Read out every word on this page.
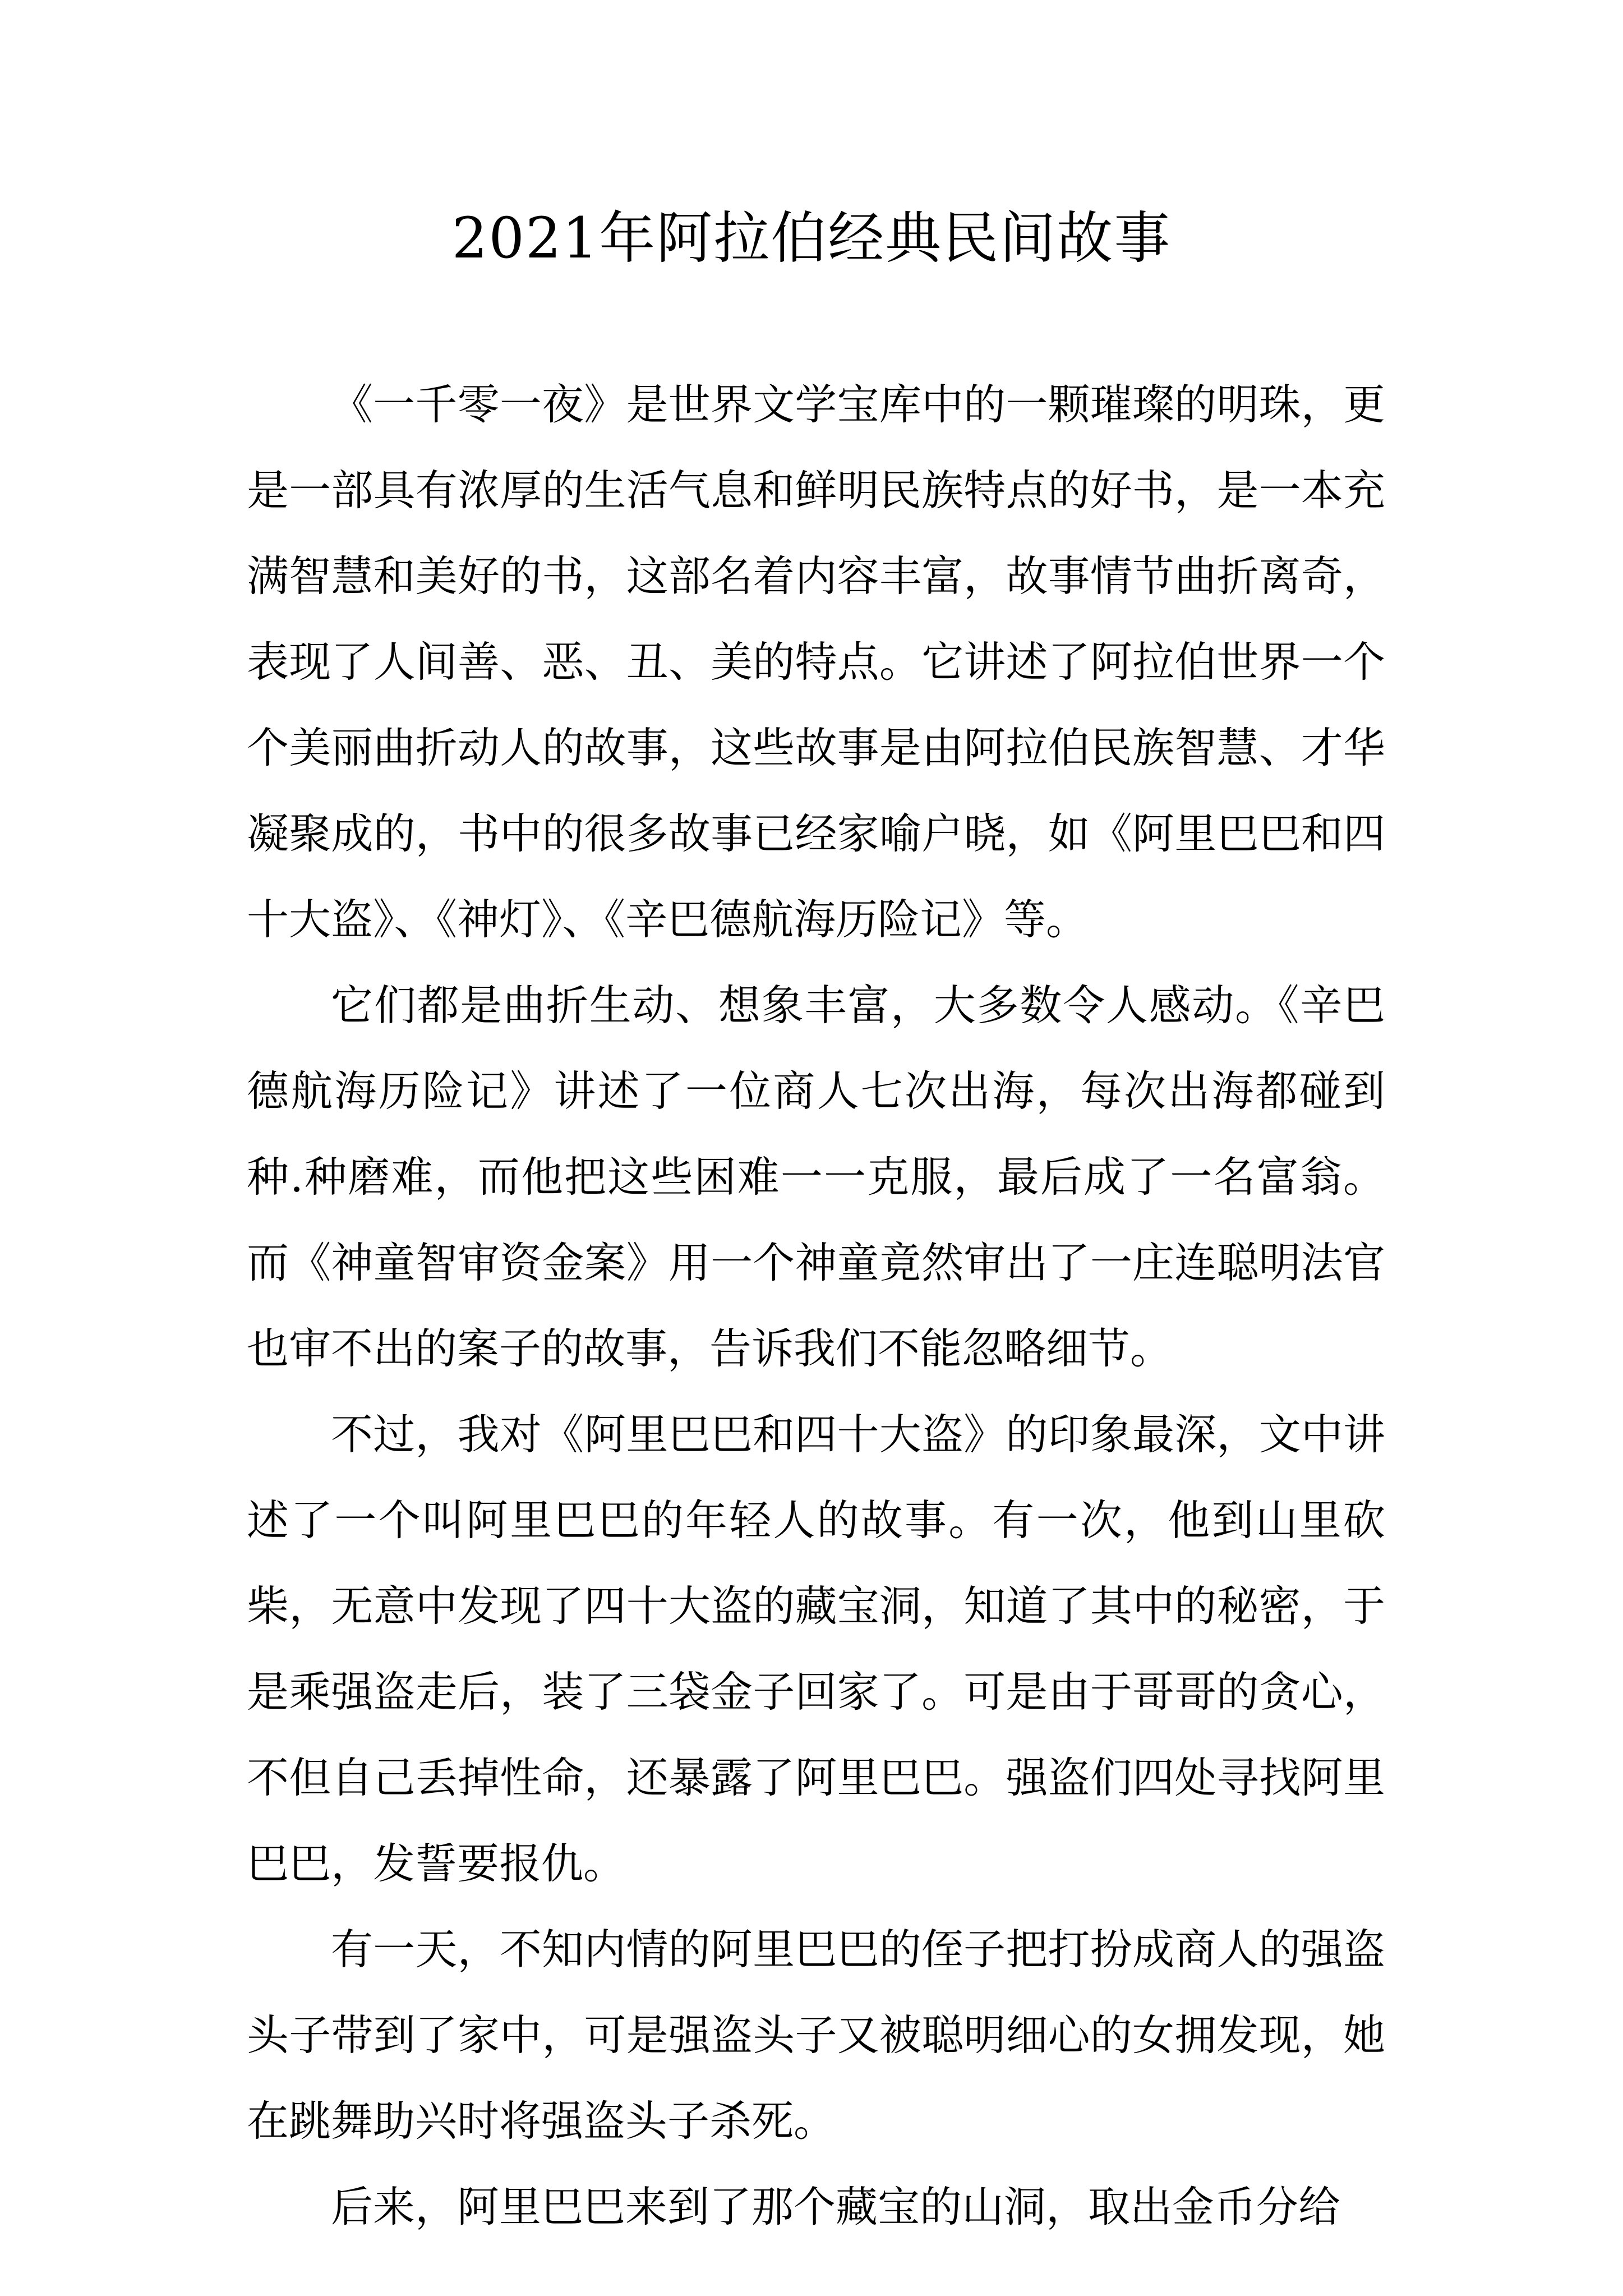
2021年阿拉伯经典民间故事

《一千零一夜》是世界文学宝库中的一颗璀璨的明珠，更是一部具有浓厚的生活气息和鲜明民族特点的好书，是一本充满智慧和美好的书，这部名着内容丰富，故事情节曲折离奇，表现了人间善、恶、丑、美的特点。它讲述了阿拉伯世界一个个美丽曲折动人的故事，这些故事是由阿拉伯民族智慧、才华凝聚成的，书中的很多故事已经家喻户晓，如《阿里巴巴和四十大盗》、《神灯》、《辛巴德航海历险记》等。

它们都是曲折生动、想象丰富，大多数令人感动。《辛巴德航海历险记》讲述了一位商人七次出海，每次出海都碰到种.种磨难，而他把这些困难一一克服，最后成了一名富翁。而《神童智审资金案》用一个神童竟然审出了一庄连聪明法官也审不出的案子的故事，告诉我们不能忽略细节。

不过，我对《阿里巴巴和四十大盗》的印象最深，文中讲述了一个叫阿里巴巴的年轻人的故事。有一次，他到山里砍柴，无意中发现了四十大盗的藏宝洞，知道了其中的秘密，于是乘强盗走后，装了三袋金子回家了。可是由于哥哥的贪心，不但自己丢掉性命，还暴露了阿里巴巴。强盗们四处寻找阿里巴巴，发誓要报仇。

有一天，不知内情的阿里巴巴的侄子把打扮成商人的强盗头子带到了家中，可是强盗头子又被聪明细心的女拥发现，她在跳舞助兴时将强盗头子杀死。

后来，阿里巴巴来到了那个藏宝的山洞，取出金币分给
